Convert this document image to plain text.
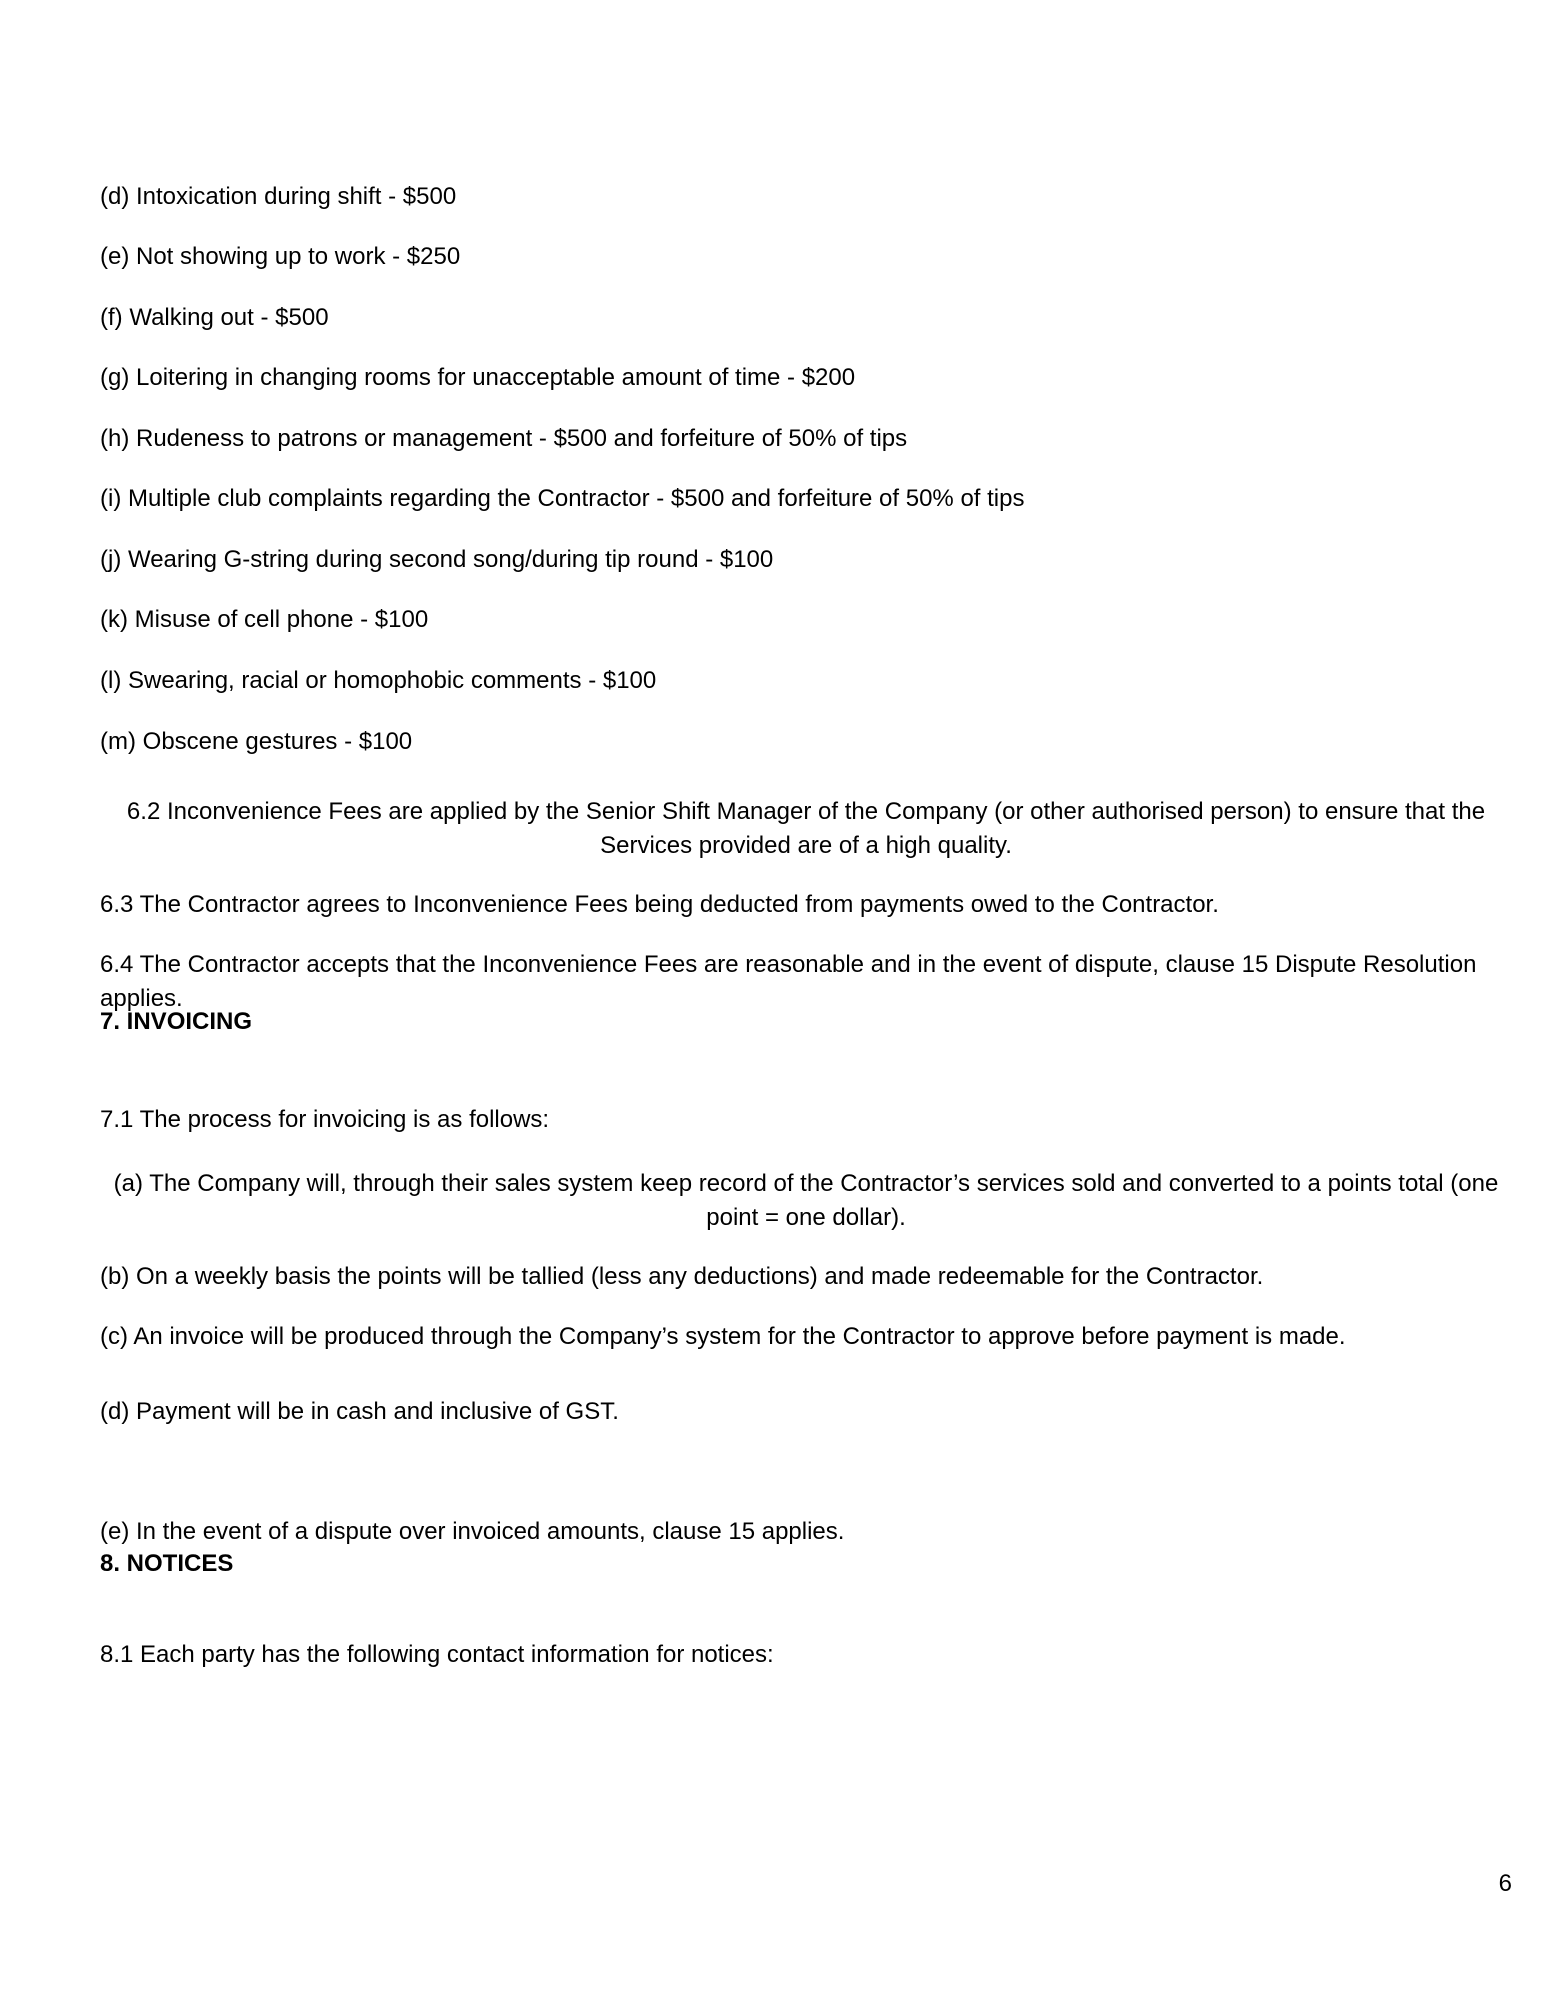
(d) Intoxication during shift - $500

(e) Not showing up to work - $250

(f) Walking out - $500

(g) Loitering in changing rooms for unacceptable amount of time - $200

(h) Rudeness to patrons or management - $500 and forfeiture of 50% of tips

(i) Multiple club complaints regarding the Contractor - $500 and forfeiture of 50% of tips

(j) Wearing G-string during second song/during tip round - $100

(k) Misuse of cell phone - $100

(l) Swearing, racial or homophobic comments - $100

(m) Obscene gestures - $100

6.2 Inconvenience Fees are applied by the Senior Shift Manager of the Company (or other authorised person) to ensure that the Services provided are of a high quality.

6.3 The Contractor agrees to Inconvenience Fees being deducted from payments owed to the Contractor.

6.4 The Contractor accepts that the Inconvenience Fees are reasonable and in the event of dispute, clause 15 Dispute Resolution applies.

7. INVOICING

7.1 The process for invoicing is as follows:

(a) The Company will, through their sales system keep record of the Contractor’s services sold and converted to a points total (one point = one dollar).

(b) On a weekly basis the points will be tallied (less any deductions) and made redeemable for the Contractor.

(c) An invoice will be produced through the Company’s system for the Contractor to approve before payment is made.

(d) Payment will be in cash and inclusive of GST.

(e) In the event of a dispute over invoiced amounts, clause 15 applies.

8. NOTICES

8.1 Each party has the following contact information for notices:

6
